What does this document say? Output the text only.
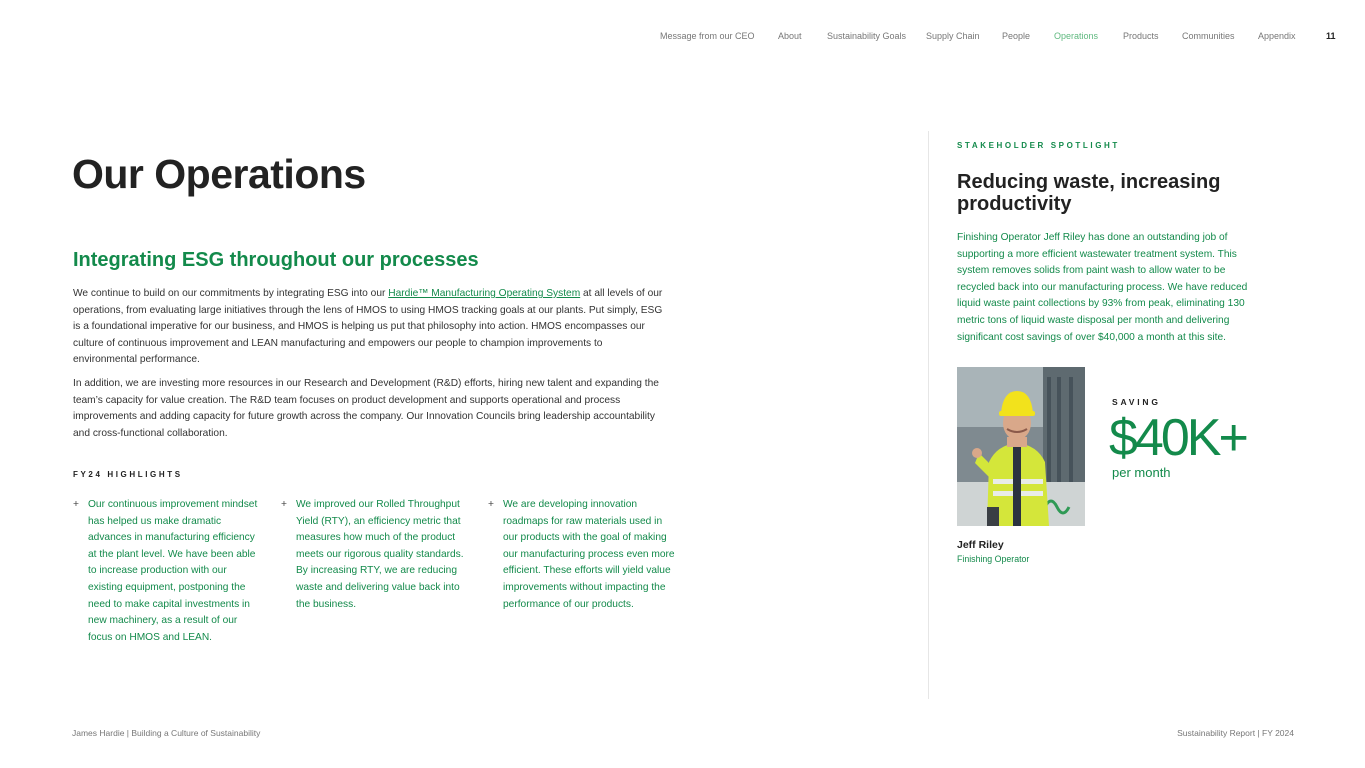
Message from our CEO	About	Sustainability Goals Supply Chain People	Operations	Products	Communities	Appendix	11
Our Operations
Integrating ESG throughout our processes

We continue to build on our commitments by integrating ESG into our Hardie™ Manufacturing Operating System at all levels of our operations, from evaluating large initiatives through the lens of HMOS to using HMOS tracking goals at our plants. Put simply, ESG is a foundational imperative for our business, and HMOS is helping us put that philosophy into action. HMOS encompasses our culture of continuous improvement and LEAN manufacturing and empowers our people to champion improvements to environmental performance.

In addition, we are investing more resources in our Research and Development (R&D) efforts, hiring new talent and expanding the team’s capacity for value creation. The R&D team focuses on product development and supports operational and process improvements and adding capacity for future growth across the company. Our Innovation Councils bring leadership accountability and cross-functional collaboration.

FY24 HIGHLIGHTS
+ Our continuous improvement mindset has helped us make dramatic advances in manufacturing efficiency at the plant level. We have been able to increase production with our existing equipment, postponing the need to make capital investments in new machinery, as a result of our focus on HMOS and LEAN.
+ We improved our Rolled Throughput Yield (RTY), an efficiency metric that measures how much of the product meets our rigorous quality standards. By increasing RTY, we are reducing waste and delivering value back into the business.
+ We are developing innovation roadmaps for raw materials used in our products with the goal of making our manufacturing process even more efficient. These efforts will yield value improvements without impacting the performance of our products.
STAKEHOLDER SPOTLIGHT
Reducing waste, increasing productivity

Finishing Operator Jeff Riley has done an outstanding job of supporting a more efficient wastewater treatment system. This system removes solids from paint wash to allow water to be recycled back into our manufacturing process. We have reduced liquid waste paint collections by 93% from peak, eliminating 130 metric tons of liquid waste disposal per month and delivering significant cost savings of over $40,000 a month at this site.

SAVING
$40K+
per month
Jeff Riley
Finishing Operator
James Hardie | Building a Culture of Sustainability	Sustainability Report | FY 2024
